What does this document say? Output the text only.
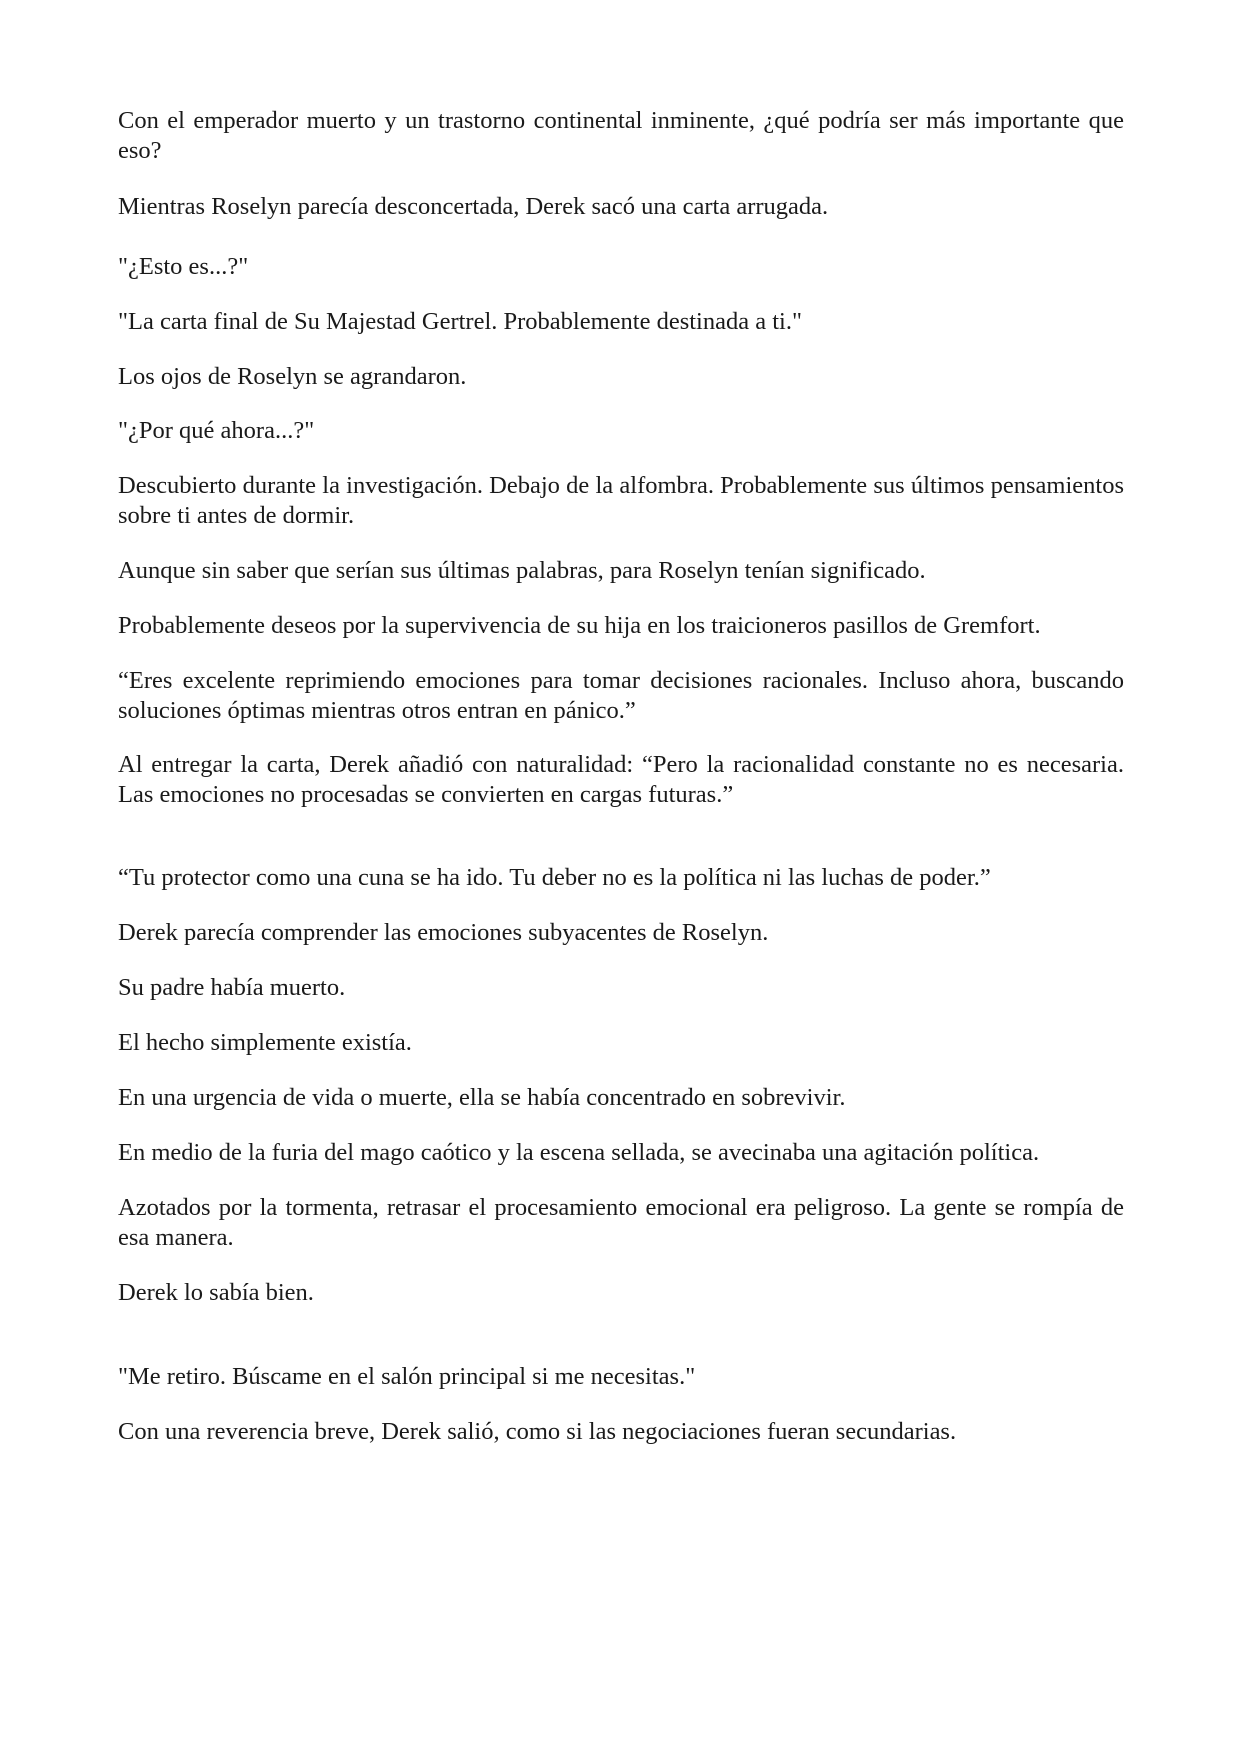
Con el emperador muerto y un trastorno continental inminente, ¿qué podría ser más importante que eso?

Mientras Roselyn parecía desconcertada, Derek sacó una carta arrugada.

"¿Esto es...?"

"La carta final de Su Majestad Gertrel. Probablemente destinada a ti."

Los ojos de Roselyn se agrandaron.

"¿Por qué ahora...?"

Descubierto durante la investigación. Debajo de la alfombra. Probablemente sus últimos pensamientos sobre ti antes de dormir.

Aunque sin saber que serían sus últimas palabras, para Roselyn tenían significado.

Probablemente deseos por la supervivencia de su hija en los traicioneros pasillos de Gremfort.

“Eres excelente reprimiendo emociones para tomar decisiones racionales. Incluso ahora, buscando soluciones óptimas mientras otros entran en pánico.”

Al entregar la carta, Derek añadió con naturalidad: “Pero la racionalidad constante no es necesaria. Las emociones no procesadas se convierten en cargas futuras.”

“Tu protector como una cuna se ha ido. Tu deber no es la política ni las luchas de poder.”

Derek parecía comprender las emociones subyacentes de Roselyn.

Su padre había muerto.

El hecho simplemente existía.

En una urgencia de vida o muerte, ella se había concentrado en sobrevivir.

En medio de la furia del mago caótico y la escena sellada, se avecinaba una agitación política.

Azotados por la tormenta, retrasar el procesamiento emocional era peligroso. La gente se rompía de esa manera.

Derek lo sabía bien.

"Me retiro. Búscame en el salón principal si me necesitas."

Con una reverencia breve, Derek salió, como si las negociaciones fueran secundarias.
